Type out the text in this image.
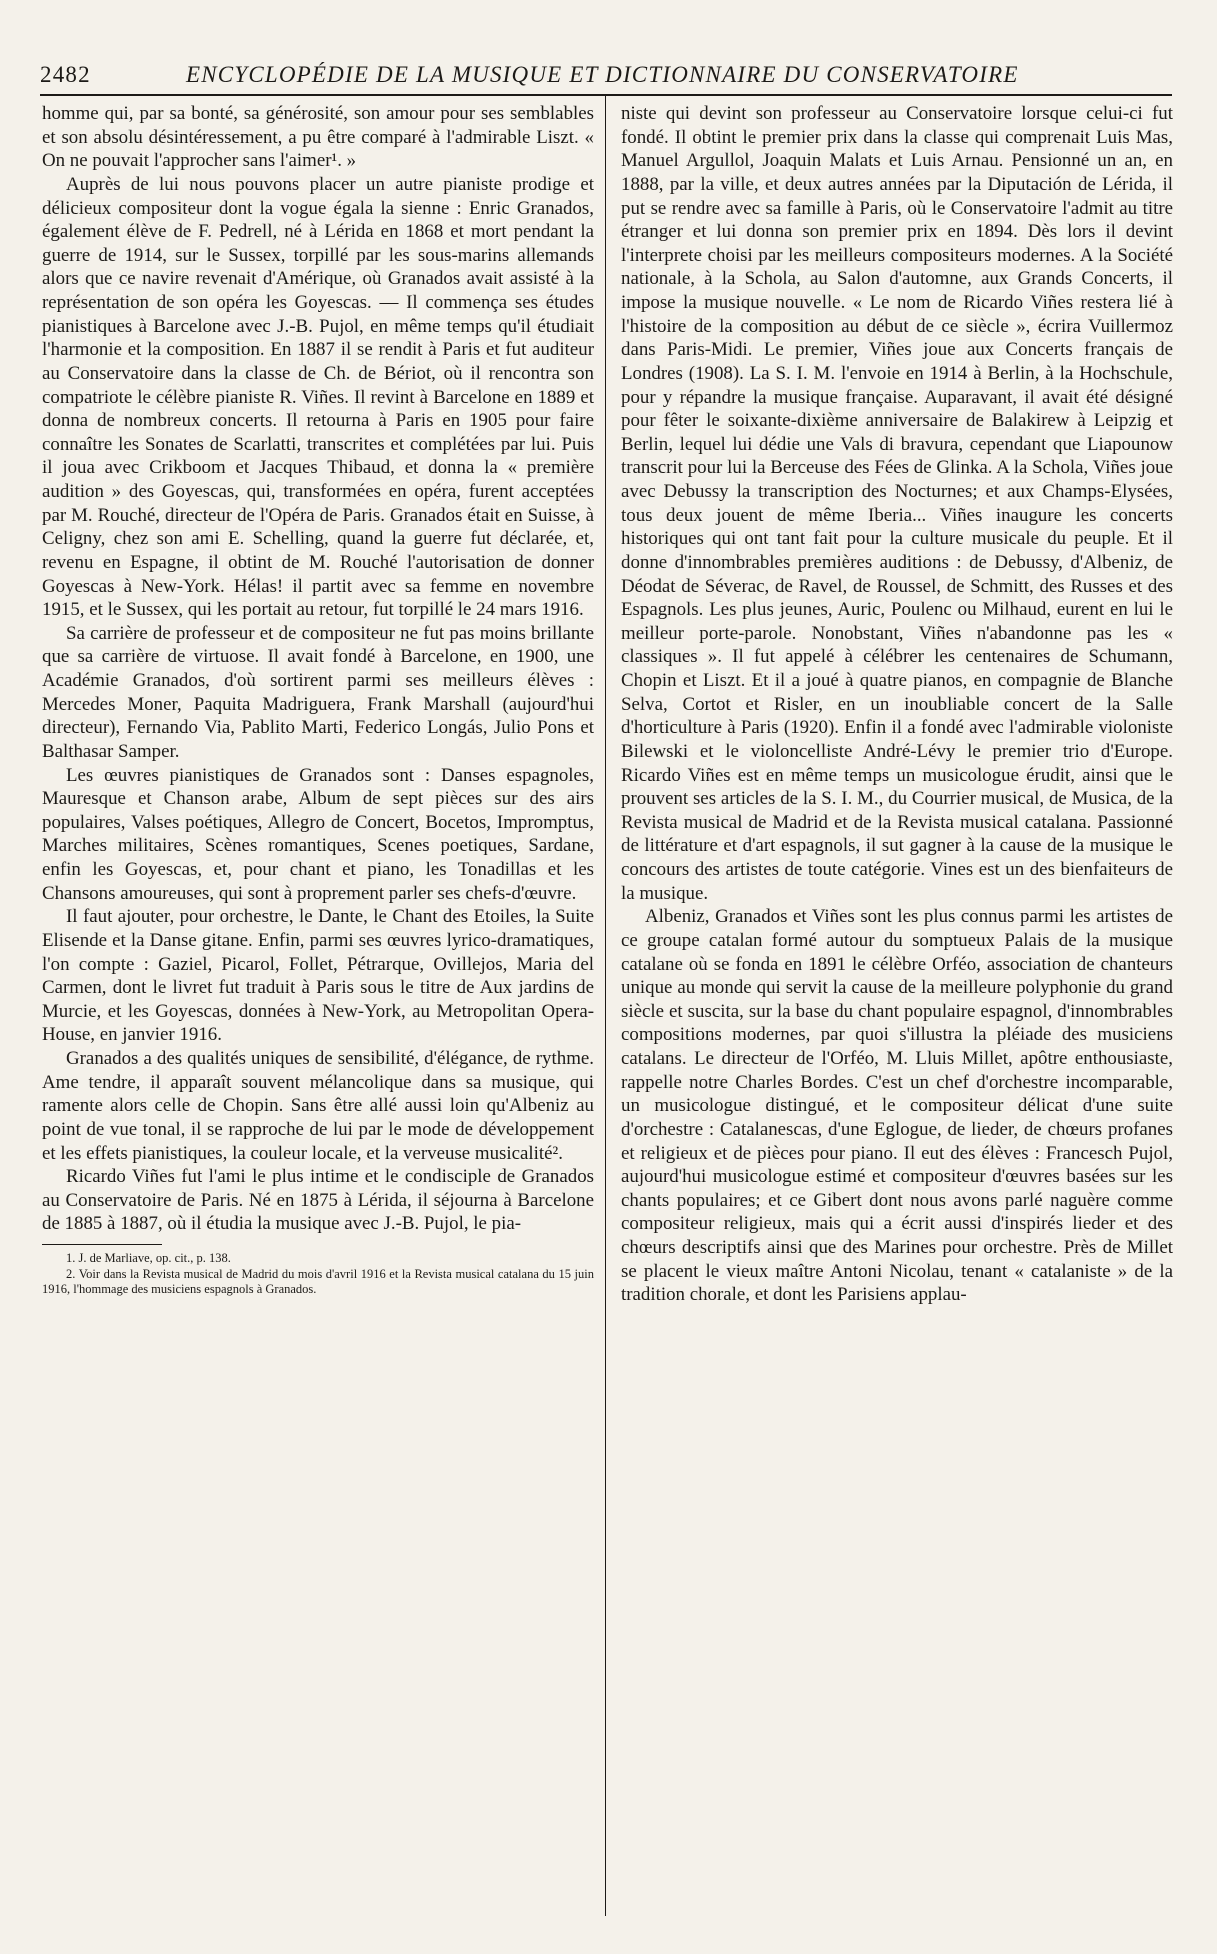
2482	ENCYCLOPÉDIE DE LA MUSIQUE ET DICTIONNAIRE DU CONSERVATOIRE

homme qui, par sa bonté, sa générosité, son amour pour ses semblables et son absolu désintéressement, a pu être comparé à l'admirable Liszt. « On ne pouvait l'approcher sans l'aimer¹. »

Auprès de lui nous pouvons placer un autre pianiste prodige et délicieux compositeur dont la vogue égala la sienne : Enric Granados, également élève de F. Pedrell, né à Lérida en 1868 et mort pendant la guerre de 1914, sur le Sussex, torpillé par les sous-marins allemands alors que ce navire revenait d'Amérique, où Granados avait assisté à la représentation de son opéra les Goyescas. — Il commença ses études pianistiques à Barcelone avec J.-B. Pujol, en même temps qu'il étudiait l'harmonie et la composition. En 1887 il se rendit à Paris et fut auditeur au Conservatoire dans la classe de Ch. de Bériot, où il rencontra son compatriote le célèbre pianiste R. Viñes. Il revint à Barcelone en 1889 et donna de nombreux concerts. Il retourna à Paris en 1905 pour faire connaître les Sonates de Scarlatti, transcrites et complétées par lui. Puis il joua avec Crikboom et Jacques Thibaud, et donna la « première audition » des Goyescas, qui, transformées en opéra, furent acceptées par M. Rouché, directeur de l'Opéra de Paris. Granados était en Suisse, à Celigny, chez son ami E. Schelling, quand la guerre fut déclarée, et, revenu en Espagne, il obtint de M. Rouché l'autorisation de donner Goyescas à New-York. Hélas! il partit avec sa femme en novembre 1915, et le Sussex, qui les portait au retour, fut torpillé le 24 mars 1916.

Sa carrière de professeur et de compositeur ne fut pas moins brillante que sa carrière de virtuose. Il avait fondé à Barcelone, en 1900, une Académie Granados, d'où sortirent parmi ses meilleurs élèves : Mercedes Moner, Paquita Madriguera, Frank Marshall (aujourd'hui directeur), Fernando Via, Pablito Marti, Federico Longás, Julio Pons et Balthasar Samper.

Les œuvres pianistiques de Granados sont : Danses espagnoles, Mauresque et Chanson arabe, Album de sept pièces sur des airs populaires, Valses poétiques, Allegro de Concert, Bocetos, Impromptus, Marches militaires, Scènes romantiques, Scenes poetiques, Sardane, enfin les Goyescas, et, pour chant et piano, les Tonadillas et les Chansons amoureuses, qui sont à proprement parler ses chefs-d'œuvre.

Il faut ajouter, pour orchestre, le Dante, le Chant des Etoiles, la Suite Elisende et la Danse gitane. Enfin, parmi ses œuvres lyrico-dramatiques, l'on compte : Gaziel, Picarol, Follet, Pétrarque, Ovillejos, Maria del Carmen, dont le livret fut traduit à Paris sous le titre de Aux jardins de Murcie, et les Goyescas, données à New-York, au Metropolitan Opera-House, en janvier 1916.

Granados a des qualités uniques de sensibilité, d'élégance, de rythme. Ame tendre, il apparaît souvent mélancolique dans sa musique, qui ramente alors celle de Chopin. Sans être allé aussi loin qu'Albeniz au point de vue tonal, il se rapproche de lui par le mode de développement et les effets pianistiques, la couleur locale, et la verveuse musicalité².

Ricardo Viñes fut l'ami le plus intime et le condisciple de Granados au Conservatoire de Paris. Né en 1875 à Lérida, il séjourna à Barcelone de 1885 à 1887, où il étudia la musique avec J.-B. Pujol, le pia-

1. J. de Marliave, op. cit., p. 138.

2. Voir dans la Revista musical de Madrid du mois d'avril 1916 et la Revista musical catalana du 15 juin 1916, l'hommage des musiciens espagnols à Granados.

niste qui devint son professeur au Conservatoire lorsque celui-ci fut fondé. Il obtint le premier prix dans la classe qui comprenait Luis Mas, Manuel Argullol, Joaquin Malats et Luis Arnau. Pensionné un an, en 1888, par la ville, et deux autres années par la Diputación de Lérida, il put se rendre avec sa famille à Paris, où le Conservatoire l'admit au titre étranger et lui donna son premier prix en 1894. Dès lors il devint l'interprete choisi par les meilleurs compositeurs modernes. A la Société nationale, à la Schola, au Salon d'automne, aux Grands Concerts, il impose la musique nouvelle. « Le nom de Ricardo Viñes restera lié à l'histoire de la composition au début de ce siècle », écrira Vuillermoz dans Paris-Midi. Le premier, Viñes joue aux Concerts français de Londres (1908). La S. I. M. l'envoie en 1914 à Berlin, à la Hochschule, pour y répandre la musique française. Auparavant, il avait été désigné pour fêter le soixante-dixième anniversaire de Balakirew à Leipzig et Berlin, lequel lui dédie une Vals di bravura, cependant que Liapounow transcrit pour lui la Berceuse des Fées de Glinka. A la Schola, Viñes joue avec Debussy la transcription des Nocturnes; et aux Champs-Elysées, tous deux jouent de même Iberia... Viñes inaugure les concerts historiques qui ont tant fait pour la culture musicale du peuple. Et il donne d'innombrables premières auditions : de Debussy, d'Albeniz, de Déodat de Séverac, de Ravel, de Roussel, de Schmitt, des Russes et des Espagnols. Les plus jeunes, Auric, Poulenc ou Milhaud, eurent en lui le meilleur porte-parole. Nonobstant, Viñes n'abandonne pas les « classiques ». Il fut appelé à célébrer les centenaires de Schumann, Chopin et Liszt. Et il a joué à quatre pianos, en compagnie de Blanche Selva, Cortot et Risler, en un inoubliable concert de la Salle d'horticulture à Paris (1920). Enfin il a fondé avec l'admirable violoniste Bilewski et le violoncelliste André-Lévy le premier trio d'Europe. Ricardo Viñes est en même temps un musicologue érudit, ainsi que le prouvent ses articles de la S. I. M., du Courrier musical, de Musica, de la Revista musical de Madrid et de la Revista musical catalana. Passionné de littérature et d'art espagnols, il sut gagner à la cause de la musique le concours des artistes de toute catégorie. Vines est un des bienfaiteurs de la musique.

Albeniz, Granados et Viñes sont les plus connus parmi les artistes de ce groupe catalan formé autour du somptueux Palais de la musique catalane où se fonda en 1891 le célèbre Orféo, association de chanteurs unique au monde qui servit la cause de la meilleure polyphonie du grand siècle et suscita, sur la base du chant populaire espagnol, d'innombrables compositions modernes, par quoi s'illustra la pléiade des musiciens catalans. Le directeur de l'Orféo, M. Lluis Millet, apôtre enthousiaste, rappelle notre Charles Bordes. C'est un chef d'orchestre incomparable, un musicologue distingué, et le compositeur délicat d'une suite d'orchestre : Catalanescas, d'une Eglogue, de lieder, de chœurs profanes et religieux et de pièces pour piano. Il eut des élèves : Francesch Pujol, aujourd'hui musicologue estimé et compositeur d'œuvres basées sur les chants populaires; et ce Gibert dont nous avons parlé naguère comme compositeur religieux, mais qui a écrit aussi d'inspirés lieder et des chœurs descriptifs ainsi que des Marines pour orchestre. Près de Millet se placent le vieux maître Antoni Nicolau, tenant « catalaniste » de la tradition chorale, et dont les Parisiens applau-
